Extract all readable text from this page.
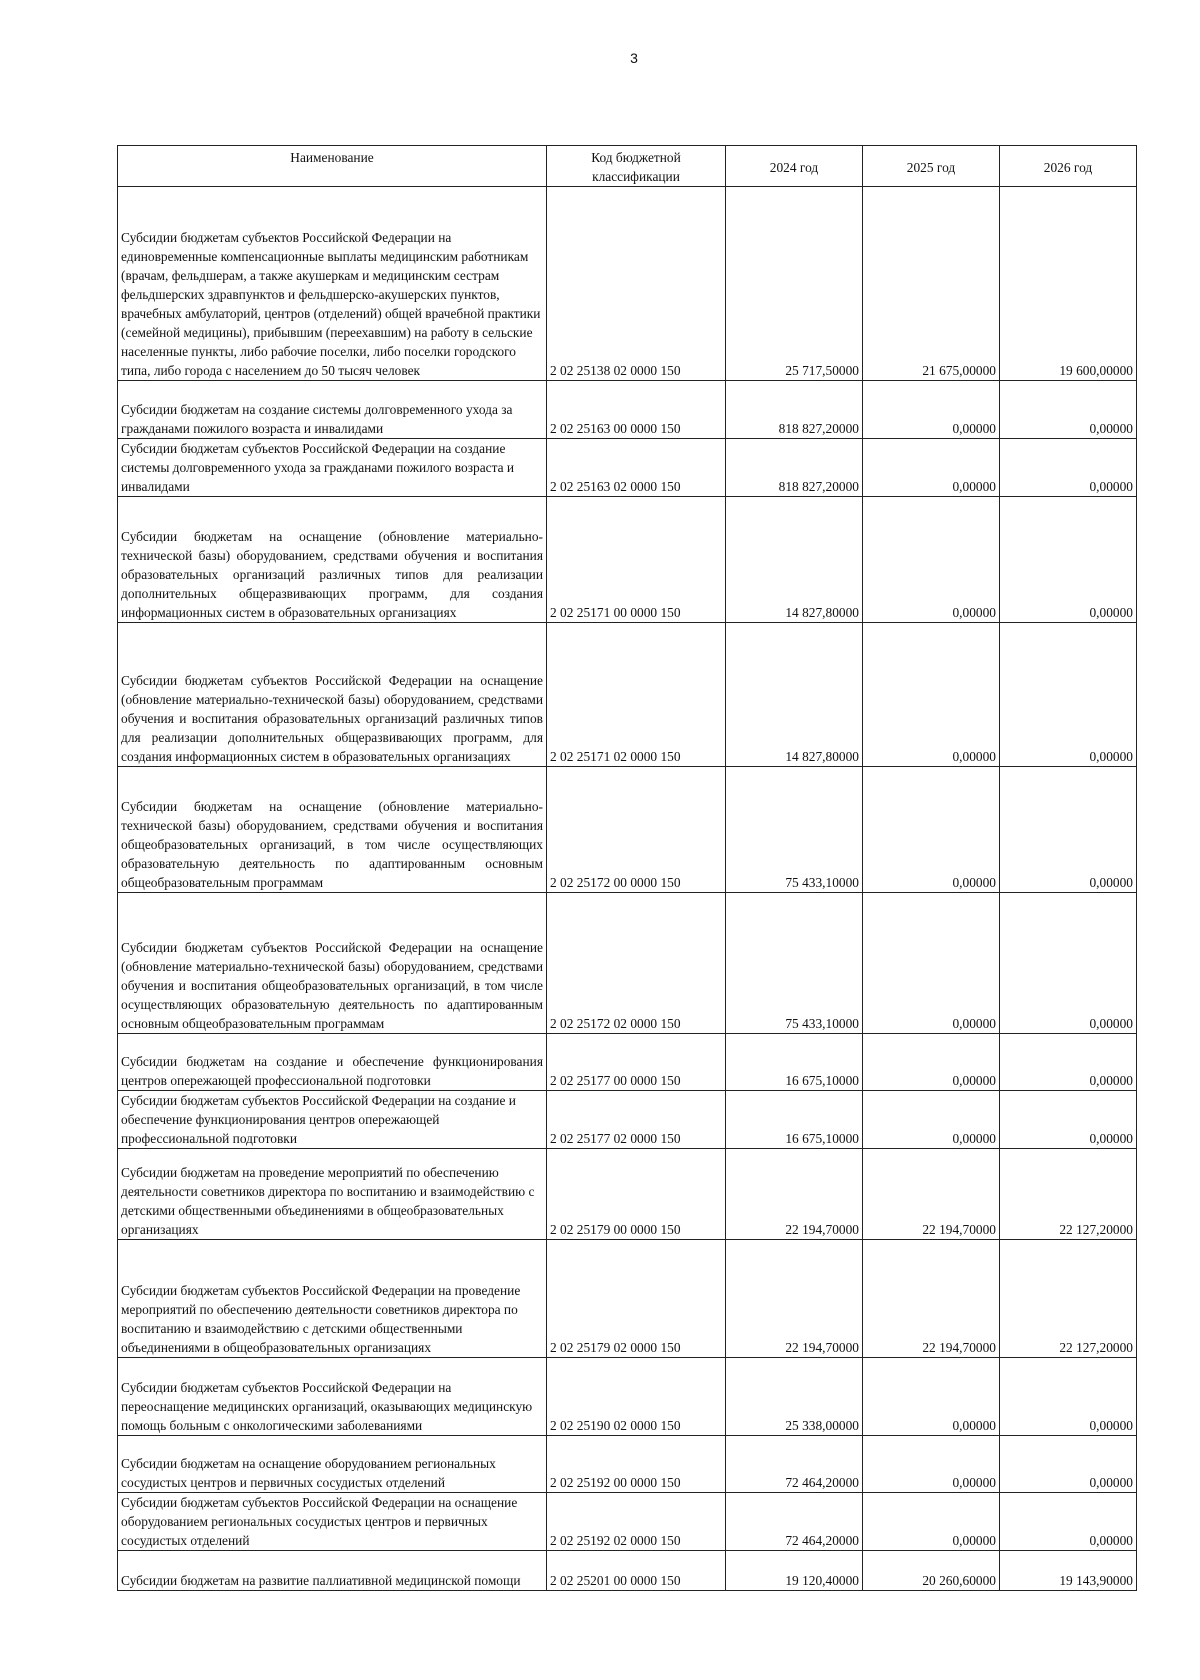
3
Наименование	Код бюджетной классификации	2024 год	2025 год	2026 год
Субсидии бюджетам субъектов Российской Федерации на единовременные компенсационные выплаты медицинским работникам (врачам, фельдшерам, а также акушеркам и медицинским сестрам фельдшерских здравпунктов и фельдшерско-акушерских пунктов, врачебных амбулаторий, центров (отделений) общей врачебной практики (семейной медицины), прибывшим (переехавшим) на работу в сельские населенные пункты, либо рабочие поселки, либо поселки городского типа, либо города с населением до 50 тысяч человек	2 02 25138 02 0000 150	25 717,50000	21 675,00000	19 600,00000
Субсидии бюджетам на создание системы долговременного ухода за гражданами пожилого возраста и инвалидами	2 02 25163 00 0000 150	818 827,20000	0,00000	0,00000
Субсидии бюджетам субъектов Российской Федерации на создание системы долговременного ухода за гражданами пожилого возраста и инвалидами	2 02 25163 02 0000 150	818 827,20000	0,00000	0,00000
Субсидии бюджетам на оснащение (обновление материально-технической базы) оборудованием, средствами обучения и воспитания образовательных организаций различных типов для реализации дополнительных общеразвивающих программ, для создания информационных систем в образовательных организациях	2 02 25171 00 0000 150	14 827,80000	0,00000	0,00000
Субсидии бюджетам субъектов Российской Федерации на оснащение (обновление материально-технической базы) оборудованием, средствами обучения и воспитания образовательных организаций различных типов для реализации дополнительных общеразвивающих программ, для создания информационных систем в образовательных организациях	2 02 25171 02 0000 150	14 827,80000	0,00000	0,00000
Субсидии бюджетам на оснащение (обновление материально-технической базы) оборудованием, средствами обучения и воспитания общеобразовательных организаций, в том числе осуществляющих образовательную деятельность по адаптированным основным общеобразовательным программам	2 02 25172 00 0000 150	75 433,10000	0,00000	0,00000
Субсидии бюджетам субъектов Российской Федерации на оснащение (обновление материально-технической базы) оборудованием, средствами обучения и воспитания общеобразовательных организаций, в том числе осуществляющих образовательную деятельность по адаптированным основным общеобразовательным программам	2 02 25172 02 0000 150	75 433,10000	0,00000	0,00000
Субсидии бюджетам на создание и обеспечение функционирования центров опережающей профессиональной подготовки	2 02 25177 00 0000 150	16 675,10000	0,00000	0,00000
Субсидии бюджетам субъектов Российской Федерации на создание и обеспечение функционирования центров опережающей профессиональной подготовки	2 02 25177 02 0000 150	16 675,10000	0,00000	0,00000
Субсидии бюджетам на проведение мероприятий по обеспечению деятельности советников директора по воспитанию и взаимодействию с детскими общественными объединениями в общеобразовательных организациях	2 02 25179 00 0000 150	22 194,70000	22 194,70000	22 127,20000
Субсидии бюджетам субъектов Российской Федерации на проведение мероприятий по обеспечению деятельности советников директора по воспитанию и взаимодействию с детскими общественными объединениями в общеобразовательных организациях	2 02 25179 02 0000 150	22 194,70000	22 194,70000	22 127,20000
Субсидии бюджетам субъектов Российской Федерации на переоснащение медицинских организаций, оказывающих медицинскую помощь больным с онкологическими заболеваниями	2 02 25190 02 0000 150	25 338,00000	0,00000	0,00000
Субсидии бюджетам на оснащение оборудованием региональных сосудистых центров и первичных сосудистых отделений	2 02 25192 00 0000 150	72 464,20000	0,00000	0,00000
Субсидии бюджетам субъектов Российской Федерации на оснащение оборудованием региональных сосудистых центров и первичных сосудистых отделений	2 02 25192 02 0000 150	72 464,20000	0,00000	0,00000
Субсидии бюджетам на развитие паллиативной медицинской помощи	2 02 25201 00 0000 150	19 120,40000	20 260,60000	19 143,90000
